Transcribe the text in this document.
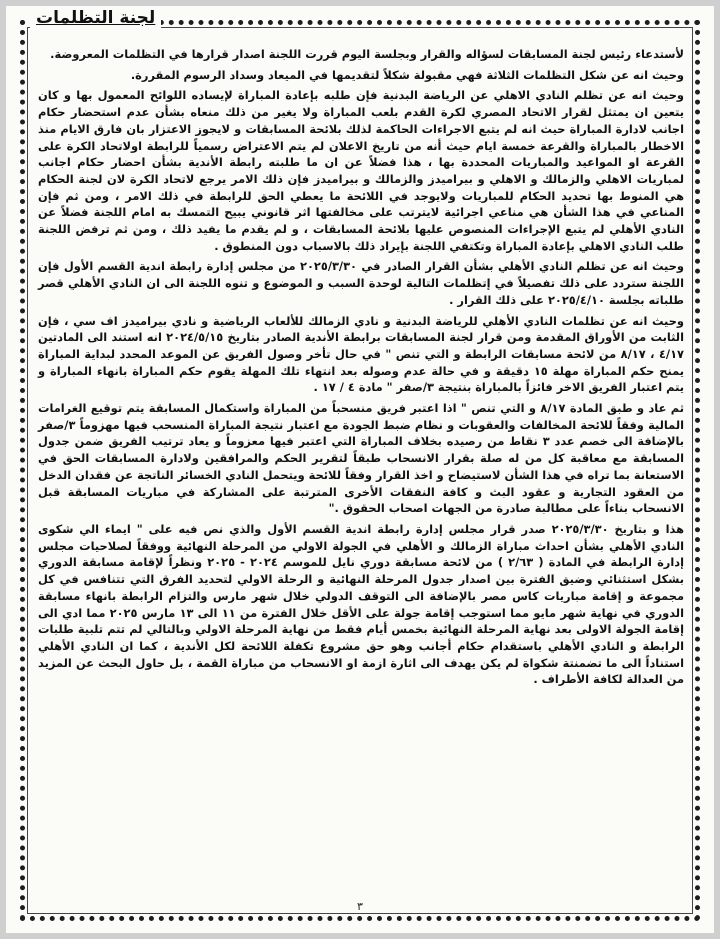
لجنة التظلمات

لأستدعاء رئيس لجنة المسابقات لسؤاله والقرار وبجلسة اليوم قررت اللجنة اصدار قرارها في التظلمات المعروضة.

وحيث انه عن شكل التظلمات الثلاثة فهي مقبولة شكلاً لتقديمها في الميعاد وسداد الرسوم المقررة.

وحيث انه عن تظلم النادي الاهلي عن الرياضة البدنية فإن طلبه بإعادة المباراة لإيساده اللوائح المعمول بها و كان يتعين ان يمتثل لقرار الاتحاد المصري لكرة القدم بلعب المباراة ولا يغير من ذلك منعاه بشأن عدم استحضار حكام اجانب لادارة المباراة حيث انه لم يتبع الاجراءات الحاكمة لذلك بلائحة المسابقات و لايجوز الاعتزار بان فارق الايام منذ الاخطار بالمباراة والقرعة خمسة ايام حيث أنه من تاريخ الاعلان لم يتم الاعتراض رسمياً للرابطة اولاتحاد الكرة على القرعة او المواعيد والمباريات المحددة بها ، هذا فضلاً عن ان ما طلبته رابطة الأندية بشأن احضار حكام اجانب لمباريات الاهلي والزمالك و الاهلي و بيراميدز والزمالك و بيراميدز فإن ذلك الامر يرجع لاتحاد الكرة لان لجنة الحكام هي المنوط بها تحديد الحكام للمباريات ولايوجد في اللائحة ما يعطي الحق للرابطة في ذلك الامر ، ومن ثم فإن المناعي في هذا الشأن هي مناعي اجرائية لايترتب على مخالفتها اثر قانوني يبيح التمسك به امام اللجنة فضلاً عن النادي الأهلي لم يتبع الإجراءات المنصوص عليها بلائحة المسابقات ، و لم يقدم ما يفيد ذلك ، ومن ثم ترفض اللجنة طلب النادي الاهلي بإعادة المباراة وتكتفي اللجنة بإيراد ذلك بالاسباب دون المنطوق .

وحيث انه عن تظلم النادي الأهلي بشأن القرار الصادر في ٢٠٢٥/٣/٣٠ من مجلس إدارة رابطة اندية القسم الأول فإن اللجنة ستردد على ذلك تفصيلاً في إتظلمات التالية لوحدة السبب و الموضوع و تنوه اللجنة الى ان النادي الأهلي قصر طلباته بجلسة ٢٠٢٥/٤/١٠ على ذلك القرار .

وحيث انه عن تظلمات النادي الأهلي للرياضة البدنية و نادي الزمالك للألعاب الرياضية و نادي بيراميدز اف سي ، فإن الثابت من الأوراق المقدمة ومن قرار لجنة المسابقات برابطة الأندية الصادر بتاريخ ٢٠٢٤/٥/١٥ انه استند الى المادتين ٤/١٧ ، ٨/١٧ من لائحة مسابقات الرابطة و التي تنص " في حال تأخر وصول الفريق عن الموعد المحدد لبداية المباراة يمنح حكم المباراة مهلة ١٥ دقيقة و في حالة عدم وصوله بعد انتهاء تلك المهلة يقوم حكم المباراة بانهاء المباراة و يتم اعتبار الفريق الاخر فائزاً بالمباراة بنتيجة ٣/صفر " مادة ٤ / ١٧ .

ثم عاد و طبق المادة ٨/١٧ و التي تنص " اذا اعتبر فريق منسحباً من المباراة واستكمال المسابقة يتم توقيع الغرامات المالية وفقاً للائحة المخالفات والعقوبات و نظام ضبط الجودة مع اعتبار نتيجة المباراة المنسحب فيها مهزوماً ٣/صفر بالإضافة الى خصم عدد ٣ نقاط من رصيده بخلاف المباراة التي اعتبر فيها معزوماً و يعاد ترتيب الفريق ضمن جدول المسابقة مع معاقبة كل من له صلة بقرار الانسحاب طبقاً لتقرير الحكم والمرافقين ولادارة المسابقات الحق في الاستعانة بما تراه في هذا الشأن لاستيضاح و اخذ القرار وفقاً للائحة ويتحمل النادي الخسائر الناتجة عن فقدان الدخل من العقود التجارية و عقود البث و كافة النفقات الأخرى المترتبة على المشاركة في مباريات المسابقة قبل الانسحاب بناءاً على مطالبة صادرة من الجهات اصحاب الحقوق ."

هذا و بتاريخ ٢٠٢٥/٣/٣٠ صدر قرار مجلس إدارة رابطة اندية القسم الأول والذي نص فيه على " ايماء الي شكوى النادي الأهلي بشأن احداث مباراة الزمالك و الأهلي في الجولة الاولي من المرحلة النهائية ووفقاً لصلاحيات مجلس إدارة الرابطة في المادة ( ٢/٦٣ ) من لائحة مسابقة دوري نايل للموسم ٢٠٢٤ - ٢٠٢٥ ونظراً لإقامة مسابقة الدوري بشكل استثنائي وضيق الفترة بين اصدار جدول المرحلة النهائية و الرحلة الاولي لتحديد الفرق التي تتنافس في كل مجموعة و إقامة مباريات كاس مصر بالإضافة الى التوقف الدولي خلال شهر مارس والتزام الرابطة بانهاء مسابقة الدوري في نهاية شهر مايو مما استوجب إقامة جولة على الأقل خلال الفترة من ١١ الى ١٣ مارس ٢٠٢٥ مما ادي الى إقامة الجولة الاولى بعد نهاية المرحلة النهائية بخمس أيام فقط من نهاية المرحلة الاولي وبالتالي لم تتم تلبية طلبات الرابطة و النادي الأهلي باستقدام حكام أجانب وهو حق مشروع تكفلة اللائحة لكل الأندية ، كما ان النادي الأهلي استناداً الى ما تضمنتة شكواة لم يكن يهدف الى اثارة ازمة او الانسحاب من مباراة القمة ، بل حاول البحث عن المزيد من العدالة لكافة الأطراف .

٣
